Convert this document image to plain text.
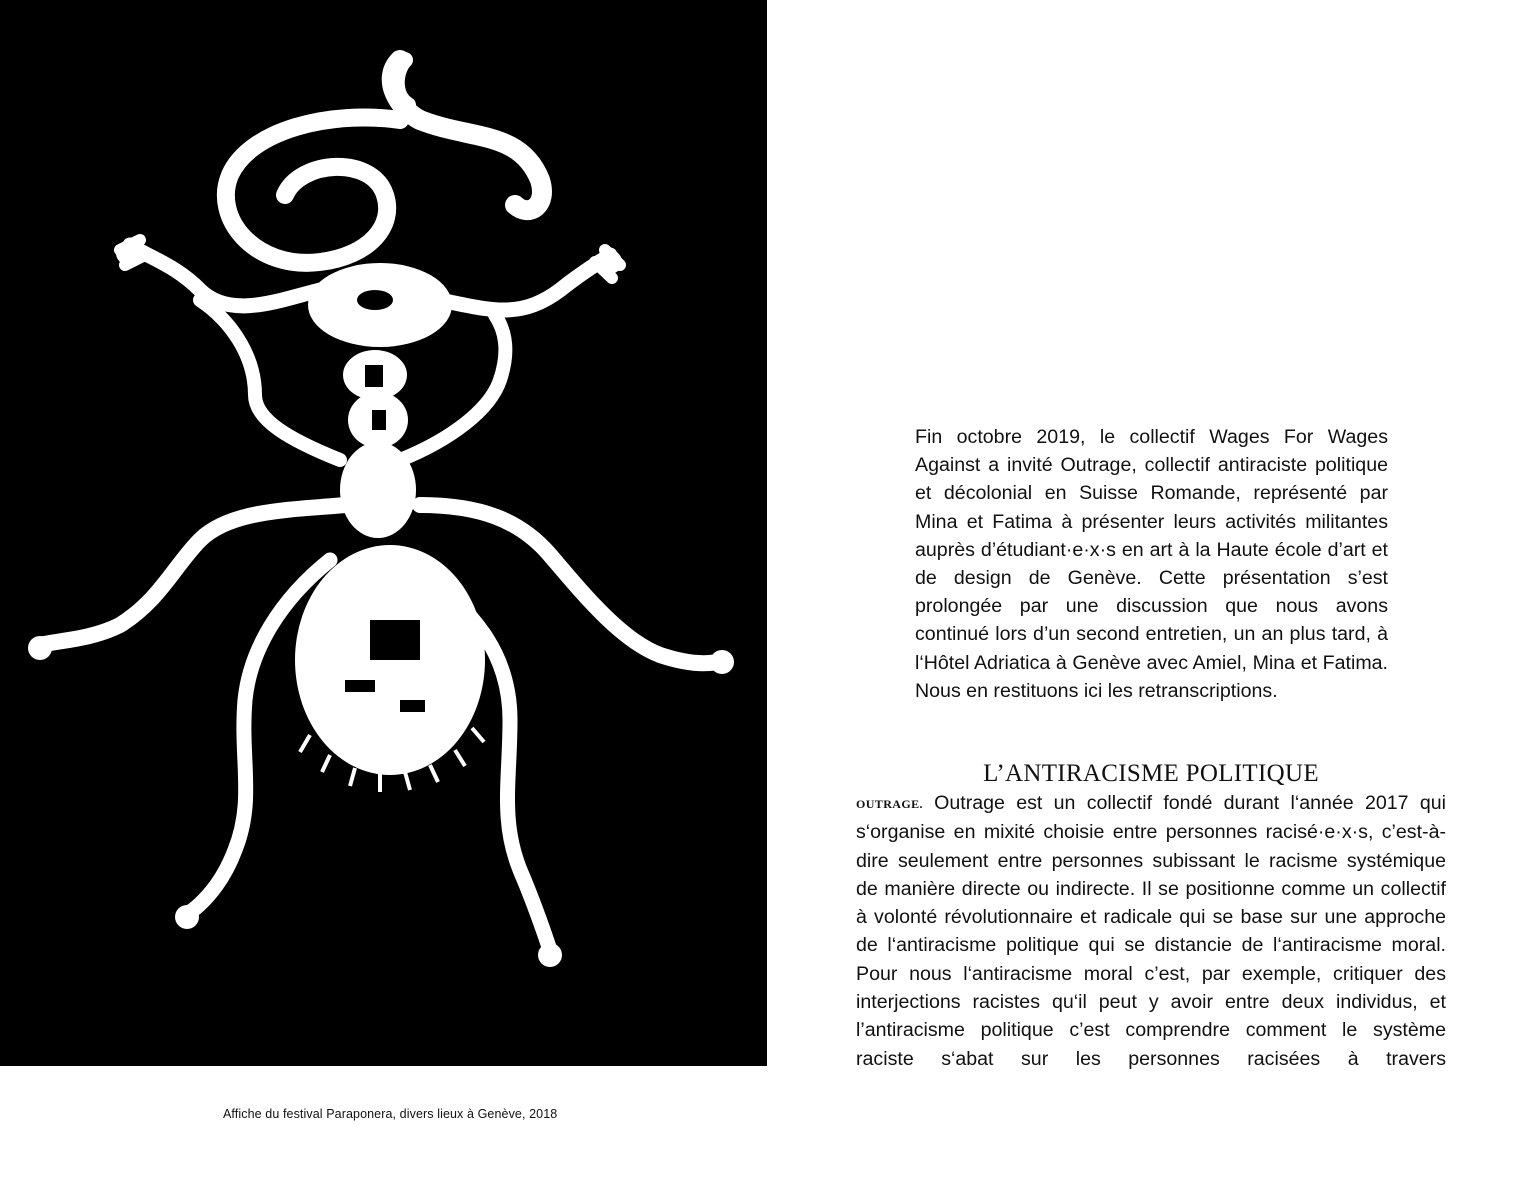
Affiche du festival Paraponera, divers lieux à Genève, 2018
Fin octobre 2019, le collectif Wages For Wages Against a invité Outrage, collectif antiraciste politique et décolonial en Suisse Romande, représenté par Mina et Fatima à présenter leurs activités militantes auprès d’étudiant·e·x·s en art à la Haute école d’art et de design de Genève. Cette présentation s’est prolongée par une discussion que nous avons continué lors d’un second entretien, un an plus tard, à l‘Hôtel Adriatica à Genève avec Amiel, Mina et Fatima. Nous en restituons ici les retranscriptions.
L’ANTIRACISME POLITIQUE
OUTRAGE. Outrage est un collectif fondé durant l‘année 2017 qui s‘organise en mixité choisie entre personnes racisé·e·x·s, c’est-à-dire seulement entre personnes subissant le racisme systémique de manière directe ou indirecte. Il se positionne comme un collectif à volonté révolutionnaire et radicale qui se base sur une approche de l‘antiracisme politique qui se distancie de l‘antiracisme moral. Pour nous l‘antiracisme moral c’est, par exemple, critiquer des interjections racistes qu‘il peut y avoir entre deux individus, et l’antiracisme politique c’est comprendre comment le système raciste s‘abat sur les personnes racisées à travers
